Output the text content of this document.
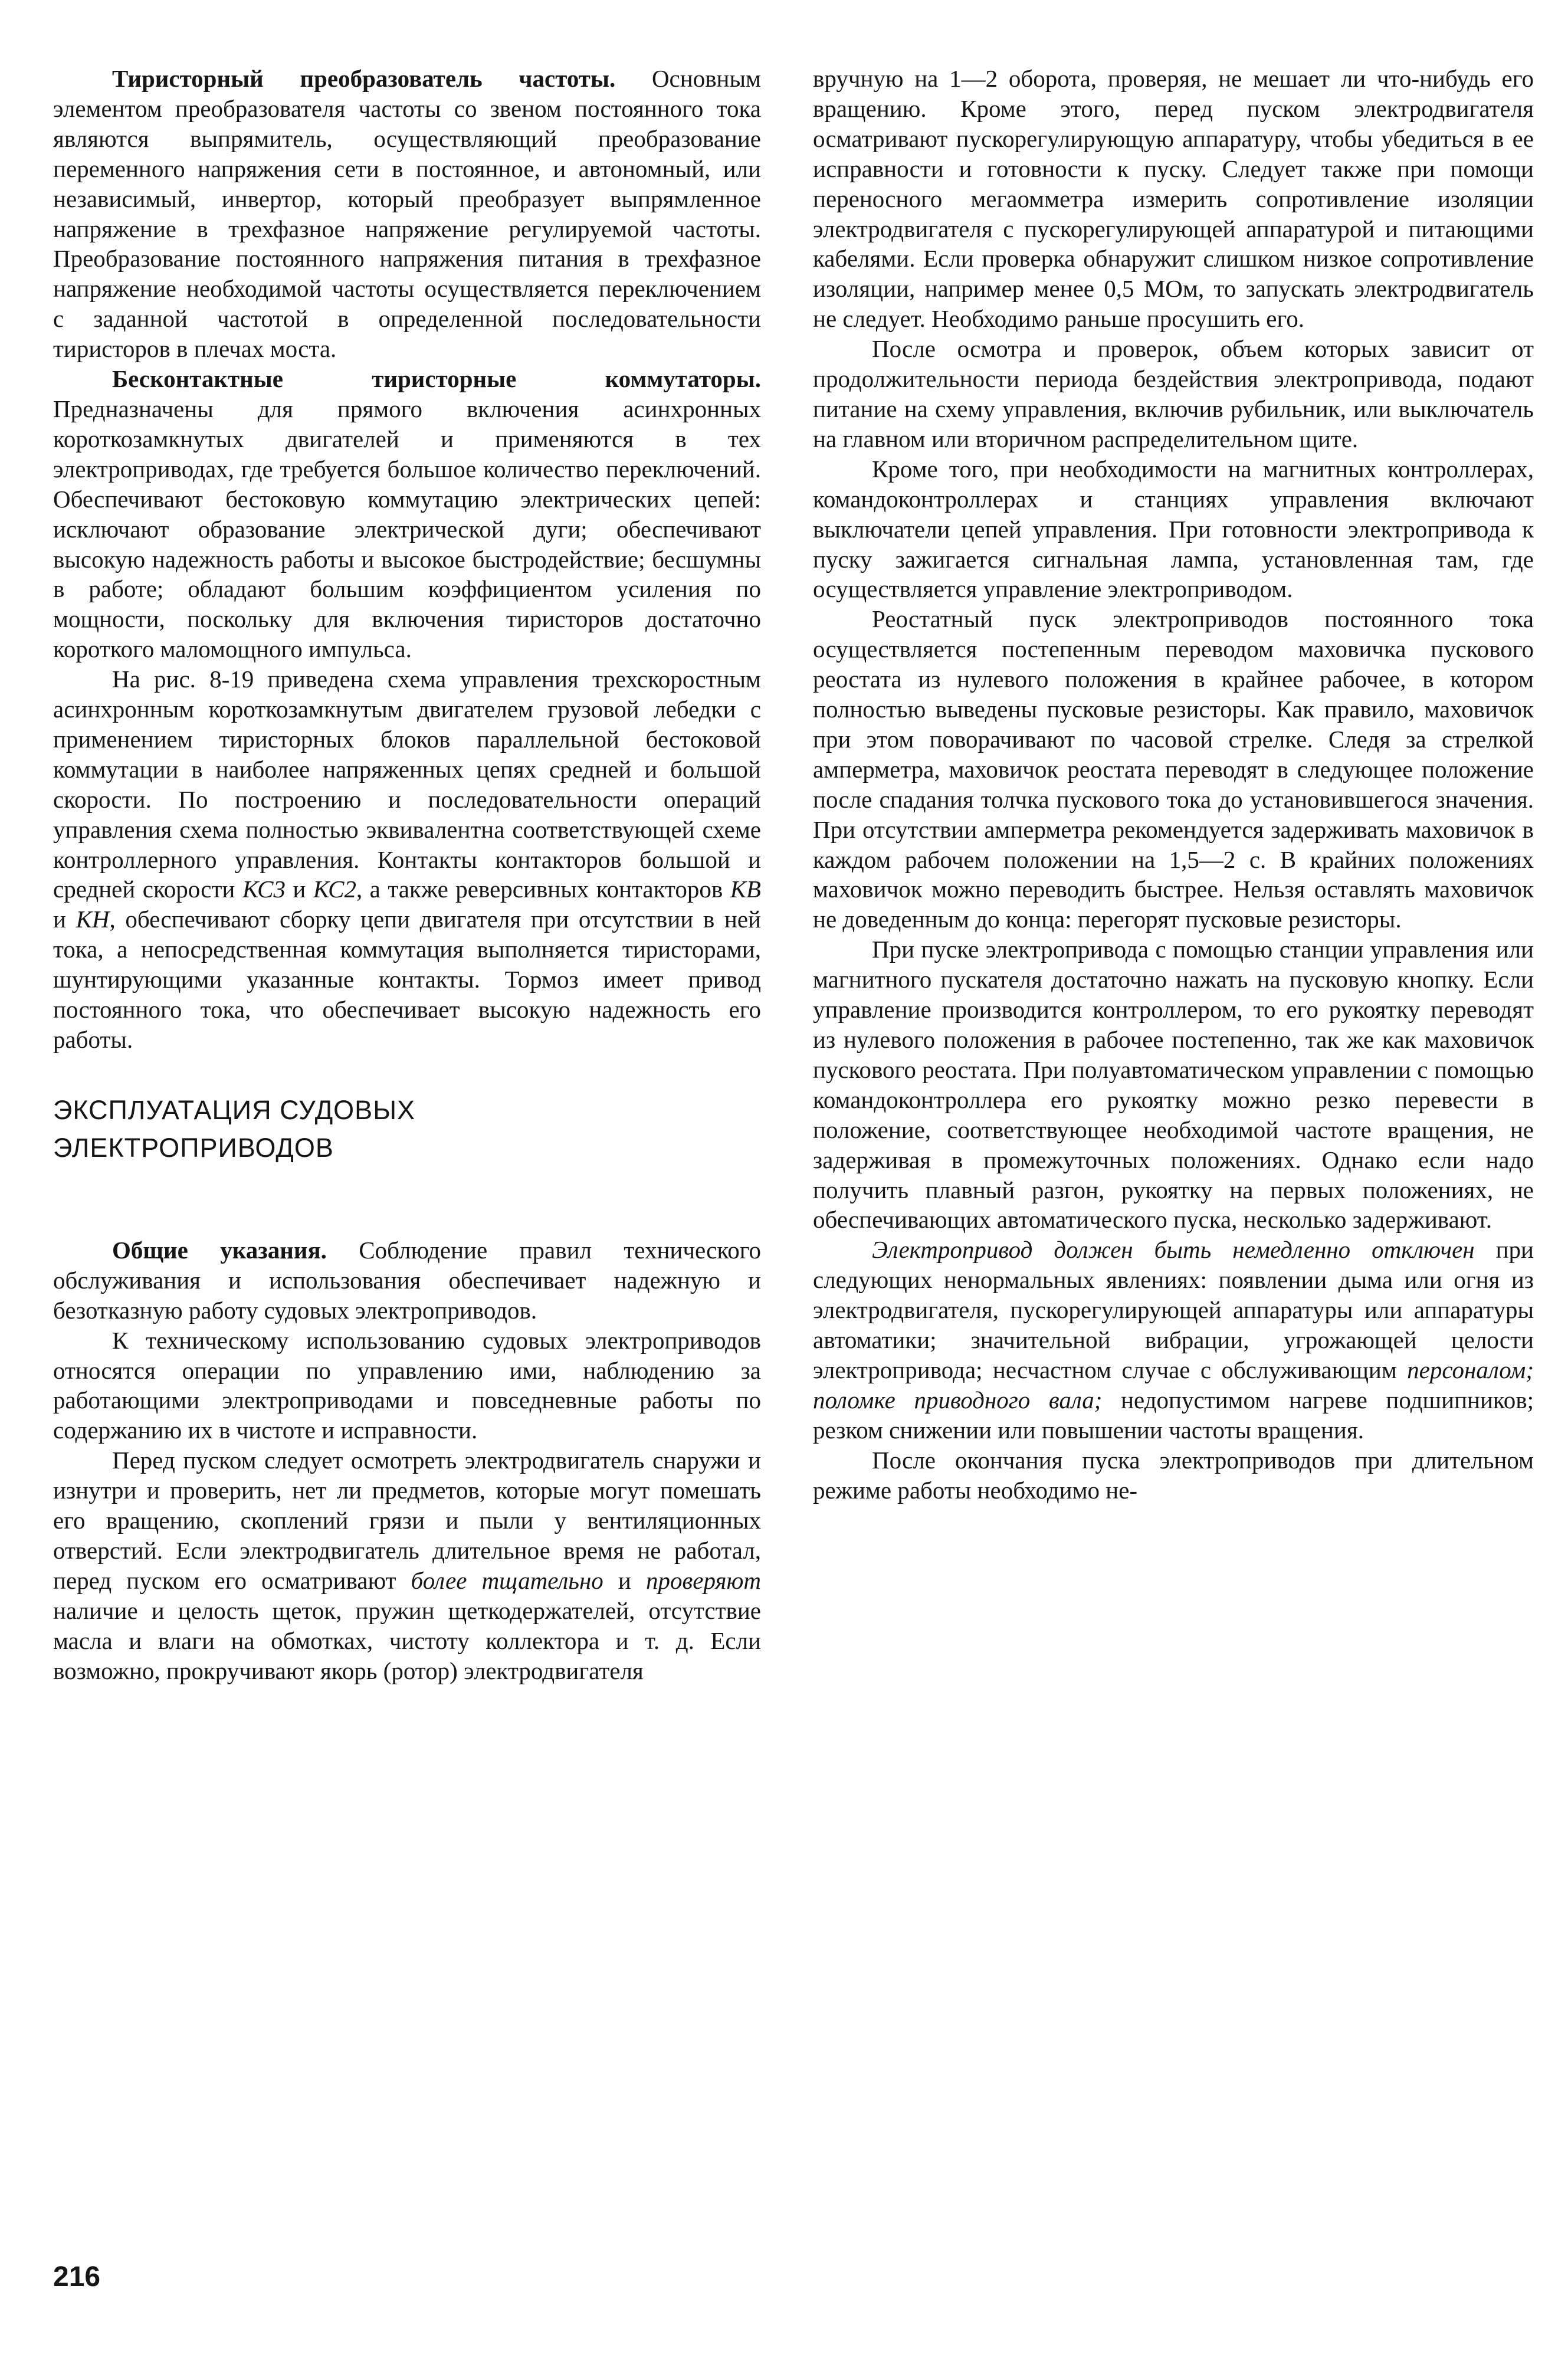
Тиристорный преобразователь частоты. Основным элементом преобразователя частоты со звеном постоянного тока являются выпрямитель, осуществляющий преобразование переменного напряжения сети в постоянное, и автономный, или независимый, инвертор, который преобразует выпрямленное напряжение в трехфазное напряжение регулируемой частоты. Преобразование постоянного напряжения питания в трехфазное напряжение необходимой частоты осуществляется переключением с заданной частотой в определенной последовательности тиристоров в плечах моста.

Бесконтактные тиристорные коммутаторы. Предназначены для прямого включения асинхронных короткозамкнутых двигателей и применяются в тех электроприводах, где требуется большое количество переключений. Обеспечивают бестоковую коммутацию электрических цепей: исключают образование электрической дуги; обеспечивают высокую надежность работы и высокое быстродействие; бесшумны в работе; обладают большим коэффициентом усиления по мощности, поскольку для включения тиристоров достаточно короткого маломощного импульса.

На рис. 8-19 приведена схема управления трехскоростным асинхронным короткозамкнутым двигателем грузовой лебедки с применением тиристорных блоков параллельной бестоковой коммутации в наиболее напряженных цепях средней и большой скорости. По построению и последовательности операций управления схема полностью эквивалентна соответствующей схеме контроллерного управления. Контакты контакторов большой и средней скорости КС3 и КС2, а также реверсивных контакторов КВ и КН, обеспечивают сборку цепи двигателя при отсутствии в ней тока, а непосредственная коммутация выполняется тиристорами, шунтирующими указанные контакты. Тормоз имеет привод постоянного тока, что обеспечивает высокую надежность его работы.

ЭКСПЛУАТАЦИЯ СУДОВЫХ
ЭЛЕКТРОПРИВОДОВ

Общие указания. Соблюдение правил технического обслуживания и использования обеспечивает надежную и безотказную работу судовых электроприводов.

К техническому использованию судовых электроприводов относятся операции по управлению ими, наблюдению за работающими электроприводами и повседневные работы по содержанию их в чистоте и исправности.

Перед пуском следует осмотреть электродвигатель снаружи и изнутри и проверить, нет ли предметов, которые могут помешать его вращению, скоплений грязи и пыли у вентиляционных отверстий. Если электродвигатель длительное время не работал, перед пуском его осматривают более тщательно и проверяют наличие и целость щеток, пружин щеткодержателей, отсутствие масла и влаги на обмотках, чистоту коллектора и т. д. Если возможно, прокручивают якорь (ротор) электродвигателя

вручную на 1—2 оборота, проверяя, не мешает ли что-нибудь его вращению. Кроме этого, перед пуском электродвигателя осматривают пускорегулирующую аппаратуру, чтобы убедиться в ее исправности и готовности к пуску. Следует также при помощи переносного мегаомметра измерить сопротивление изоляции электродвигателя с пускорегулирующей аппаратурой и питающими кабелями. Если проверка обнаружит слишком низкое сопротивление изоляции, например менее 0,5 МОм, то запускать электродвигатель не следует. Необходимо раньше просушить его.

После осмотра и проверок, объем которых зависит от продолжительности периода бездействия электропривода, подают питание на схему управления, включив рубильник, или выключатель на главном или вторичном распределительном щите.

Кроме того, при необходимости на магнитных контроллерах, командоконтроллерах и станциях управления включают выключатели цепей управления. При готовности электропривода к пуску зажигается сигнальная лампа, установленная там, где осуществляется управление электроприводом.

Реостатный пуск электроприводов постоянного тока осуществляется постепенным переводом маховичка пускового реостата из нулевого положения в крайнее рабочее, в котором полностью выведены пусковые резисторы. Как правило, маховичок при этом поворачивают по часовой стрелке. Следя за стрелкой амперметра, маховичок реостата переводят в следующее положение после спадания толчка пускового тока до установившегося значения. При отсутствии амперметра рекомендуется задерживать маховичок в каждом рабочем положении на 1,5—2 с. В крайних положениях маховичок можно переводить быстрее. Нельзя оставлять маховичок не доведенным до конца: перегорят пусковые резисторы.

При пуске электропривода с помощью станции управления или магнитного пускателя достаточно нажать на пусковую кнопку. Если управление производится контроллером, то его рукоятку переводят из нулевого положения в рабочее постепенно, так же как маховичок пускового реостата. При полуавтоматическом управлении с помощью командоконтроллера его рукоятку можно резко перевести в положение, соответствующее необходимой частоте вращения, не задерживая в промежуточных положениях. Однако если надо получить плавный разгон, рукоятку на первых положениях, не обеспечивающих автоматического пуска, несколько задерживают.

Электропривод должен быть немедленно отключен при следующих ненормальных явлениях: появлении дыма или огня из электродвигателя, пускорегулирующей аппаратуры или аппаратуры автоматики; значительной вибрации, угрожающей целости электропривода; несчастном случае с обслуживающим персоналом; поломке приводного вала; недопустимом нагреве подшипников; резком снижении или повышении частоты вращения.

После окончания пуска электроприводов при длительном режиме работы необходимо не-

216
